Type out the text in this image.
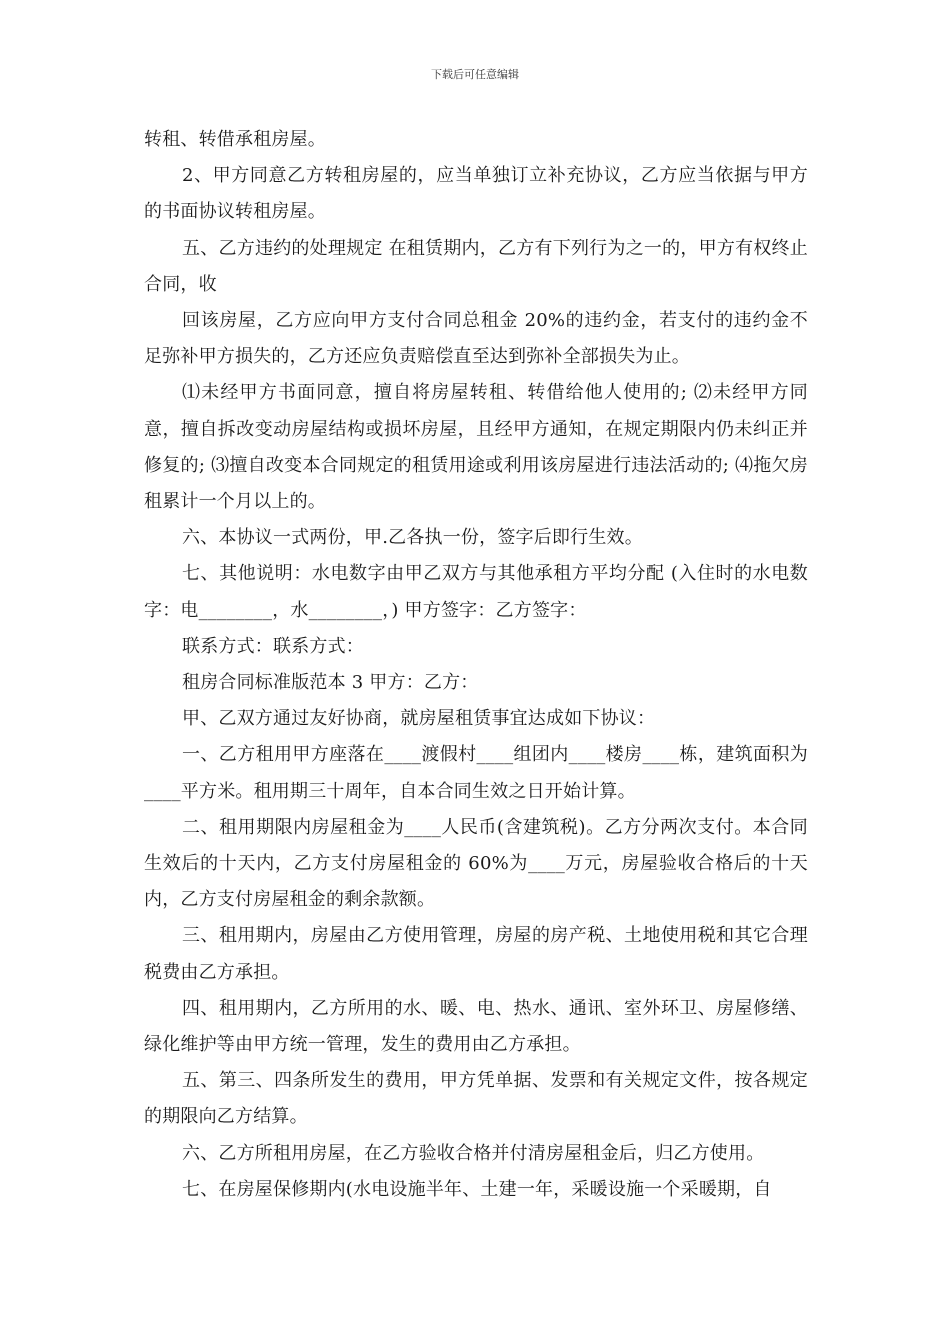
下载后可任意编辑

转租、转借承租房屋。

2、甲方同意乙方转租房屋的，应当单独订立补充协议，乙方应当依据与甲方的书面协议转租房屋。

五、乙方违约的处理规定 在租赁期内，乙方有下列行为之一的，甲方有权终止合同，收

回该房屋，乙方应向甲方支付合同总租金 20%的违约金，若支付的违约金不足弥补甲方损失的，乙方还应负责赔偿直至达到弥补全部损失为止。

⑴未经甲方书面同意，擅自将房屋转租、转借给他人使用的; ⑵未经甲方同意，擅自拆改变动房屋结构或损坏房屋，且经甲方通知，在规定期限内仍未纠正并修复的; ⑶擅自改变本合同规定的租赁用途或利用该房屋进行违法活动的; ⑷拖欠房租累计一个月以上的。

六、本协议一式两份，甲.乙各执一份，签字后即行生效。

七、其他说明：水电数字由甲乙双方与其他承租方平均分配 (入住时的水电数字：电________，水________，) 甲方签字：乙方签字：

联系方式：联系方式：

租房合同标准版范本 3 甲方：乙方：

甲、乙双方通过友好协商，就房屋租赁事宜达成如下协议：

一、乙方租用甲方座落在____渡假村____组团内____楼房____栋，建筑面积为____平方米。租用期三十周年，自本合同生效之日开始计算。

二、租用期限内房屋租金为____人民币(含建筑税)。乙方分两次支付。本合同生效后的十天内，乙方支付房屋租金的 60%为____万元，房屋验收合格后的十天内，乙方支付房屋租金的剩余款额。

三、租用期内，房屋由乙方使用管理，房屋的房产税、土地使用税和其它合理税费由乙方承担。

四、租用期内，乙方所用的水、暖、电、热水、通讯、室外环卫、房屋修缮、绿化维护等由甲方统一管理，发生的费用由乙方承担。

五、第三、四条所发生的费用，甲方凭单据、发票和有关规定文件，按各规定的期限向乙方结算。

六、乙方所租用房屋，在乙方验收合格并付清房屋租金后，归乙方使用。

七、在房屋保修期内(水电设施半年、土建一年，采暖设施一个采暖期，自
